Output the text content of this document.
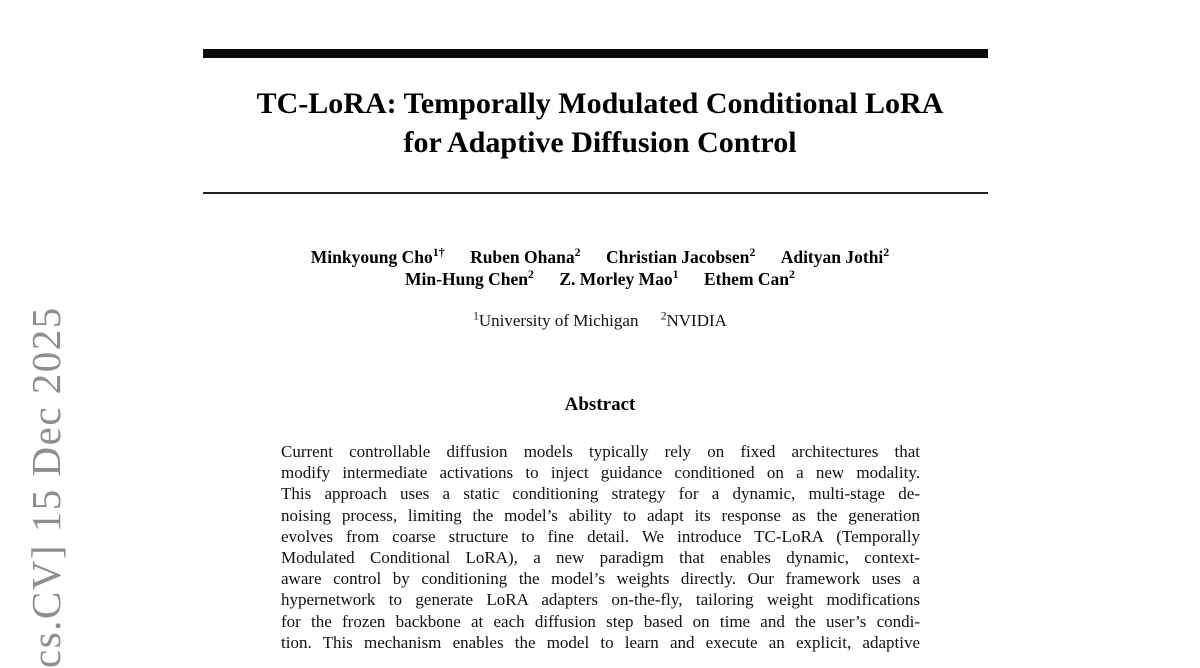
cs.CV] 15 Dec 2025
TC-LoRA: Temporally Modulated Conditional LoRA
for Adaptive Diffusion Control
Minkyoung Cho$^{1\dagger}$ Ruben Ohana$^2$ Christian Jacobsen$^2$ Adityan Jothi$^2$
Min-Hung Chen$^2$ Z. Morley Mao$^1$ Ethem Can$^2$
$^1$University of Michigan $^2$NVIDIA
Abstract
Current controllable diffusion models typically rely on fixed architectures that
modify intermediate activations to inject guidance conditioned on a new modality.
This approach uses a static conditioning strategy for a dynamic, multi-stage de-
noising process, limiting the model’s ability to adapt its response as the generation
evolves from coarse structure to fine detail. We introduce TC-LoRA (Temporally
Modulated Conditional LoRA), a new paradigm that enables dynamic, context-
aware control by conditioning the model’s weights directly. Our framework uses a
hypernetwork to generate LoRA adapters on-the-fly, tailoring weight modifications
for the frozen backbone at each diffusion step based on time and the user’s condi-
tion. This mechanism enables the model to learn and execute an explicit, adaptive
